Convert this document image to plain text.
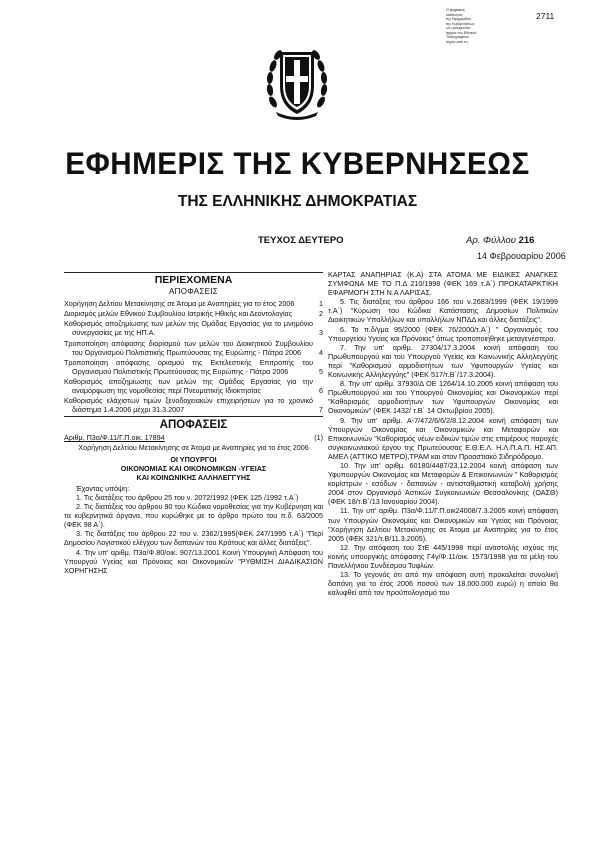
Ο ψηφιακός
κατάλογος
της Εφημερίδας
της Κυβερνήσεως
ως ηλεκτρονικό
αρχείο του Εθνικού
Τυπογραφείου
Ισχύει από τη
2711
ΕΦΗΜΕΡΙΣ ΤΗΣ ΚΥΒΕΡΝΗΣΕΩΣ
ΤΗΣ ΕΛΛΗΝΙΚΗΣ ΔΗΜΟΚΡΑΤΙΑΣ
ΤΕΥΧΟΣ ΔΕΥΤΕΡΟ	Αρ. Φύλλου 216
14 Φεβρουαρίου 2006
ΠΕΡΙΕΧΟΜΕΝΑ
ΑΠΟΦΑΣΕΙΣ
Χορήγηση Δελτίου Μετακίνησης σε Άτομα με Αναπηρίες για το έτος 2006	1
Διορισμός μελών Εθνικού Συμβουλίου Ιατρικής Ηθικής και Δεοντολογίας	2
Καθορισμός αποζημίωσης των μελών της Ομάδας Εργασίας για το μνημόνιο συνεργασίας με της ΗΠ.Α.	3
Τροποποίηση απόφασης διορισμού των μελών του Διοικητικού Συμβουλίου του Οργανισμού Πολιτιστικής Πρωτεύουσας της Ευρώπης - Πάτρα 2006	4
Τροποποίηση απόφασης ορισμού της Εκτελεστικής Επιτροπής του Οργανισμού Πολιτιστικής Πρωτεύουσας της Ευρώπης - Πάτρα 2006	5
Καθορισμός αποζημίωσης των μελών της Ομάδας Εργασίας για την αναμόρφωση της νομοθεσίας περί Πνευματικής Ιδιοκτησίας	6
Καθορισμός ελάχιστων τιμών ξενοδοχειακών επιχειρήσεων για το χρονικό διάστημα 1.4.2006 μέχρι 31.3.2007	7
ΑΠΟΦΑΣΕΙΣ
Αριθμ. Π3α/Φ.11/Γ.Π.οικ. 17894	(1)

Χορήγηση Δελτίου Μετακίνησης σε Άτομα με Αναπηρίες για το έτος 2006

ΟΙ ΥΠΟΥΡΓΟΙ

ΟΙΚΟΝΟΜΙΑΣ ΚΑΙ ΟΙΚΟΝΟΜΙΚΩΝ -ΥΓΕΙΑΣ

ΚΑΙ ΚΟΙΝΩΝΙΚΗΣ ΑΛΛΗΛΕΓΓΥΗΣ

Έχοντας υπόψη:

1. Τις διατάξεις του άρθρου 25 του ν. 2072/1992 (ΦΕΚ 125 /1992 τ.Α΄)

2. Τις διατάξεις του άρθρου 90 του Κώδικα νομοθεσίας για την Κυβέρνηση και τα κυβερνητικά όργανα, που κυρώθηκε με το άρθρο πρώτο του π.δ. 63/2005 (ΦΕΚ 98 Α΄).

3. Τις διατάξεις του άρθρου 22 του ν. 2362/1995(ΦΕΚ 247/1995 τ.Α΄) "Περί Δημοσίου Λογιστικού ελέγχου των δαπανών του Κράτους και άλλες διατάξεις".

4. Την υπ' αριθμ. Π3α/Φ.80/οικ. 907/13.2001 Κοινή Υπουργική Απόφαση του Υπουργού Υγείας και Πρόνοιας και Οικονομικών "ΡΥΘΜΙΣΗ ΔΙΑΔΙΚΑΣΙΩΝ ΧΟΡΗΓΗΣΗΣ

ΚΑΡΤΑΣ ΑΝΑΠΗΡΙΑΣ (Κ.Α) ΣΤΑ ΑΤΟΜΑ ΜΕ ΕΙΔΙΚΕΣ ΑΝΑΓΚΕΣ ΣΥΜΦΩΝΑ ΜΕ ΤΟ Π.Δ 210/1998 (ΦΕΚ 169 τ.Α΄) ΠΡΟΚΑΤΑΡΚΤΙΚΗ ΕΦΑΡΜΟΓΗ ΣΤΗ Ν.Α ΛΑΡΙΣΑΣ.

5. Τις διατάξεις του άρθρου 166 του ν.2683/1999 (ΦΕΚ 19/1999 τ.Α΄) "Κύρωση του Κώδικα Κατάστασης Δημοσίων Πολιτικών Διοικητικών Υπαλλήλων και υπαλλήλων ΝΠΔΔ και άλλες διατάξεις".

6. Το π.δ/γμα 95/2000 (ΦΕΚ 76/2000/τ.Α΄) " Οργανισμός του Υπουργείου Υγείας και Πρόνοιας" όπως τροποποιήθηκε μεταγενέστερα.

7. Την υπ' αριθμ. 27304/17.3.2004 κοινή απόφαση του Πρωθυπουργού και του Υπουργού Υγείας και Κοινωνικής Αλληλεγγύης περί "Καθορισμού αρμοδιοτήτων των Υφυπουργών Υγείας και Κοινωνικής Αλληλεγγύης" (ΦΕΚ 517/τ.Β΄/17.3.2004).

8. Την υπ' αριθμ. 37930/Δ ΟΕ 1264/14.10.2005 κοινή απόφαση του Πρωθυπουργού και του Υπουργού Οικονομίας και Οικονομικών περί "Καθορισμός αρμοδιοτήτων των Υφυπουργών Οικονομίας και Οικονομικών" (ΦΕΚ 1432/ τ.Β΄ 14 Οκτωβρίου 2005).

9. Την υπ' αριθμ. Α-7/472/6/6/2/8.12.2004 κοινή απόφαση των Υπουργών Οικονομίας και Οικονομικών και Μεταφορών και Επικοινωνιών "Καθορισμός νέων ειδικών τιμών στις επιμέρους παροχές συγκοινωνιακού έργου της Πρωτεύουσας Ε.Θ.Ε.Λ. Η.Λ.Π.Α.Π. ΗΣ.ΑΠ. ΑΜΕΛ (ΑΤΤΙΚΟ ΜΕΤΡΟ),ΤΡΑΜ και στον Προαστιακό Σιδηρόδρομο.

10. Την υπ' αριθμ. 60180/4487/23.12.2004 κοινή απόφαση των Υφυπουργών Οικονομίας και Μεταφορών & Επικοινωνιών " Καθορισμός κομίστρων - εσόδων - δαπανών - αντισταθμιστική καταβολή χρήσης 2004 στον Οργανισμό Αστικών Συγκοινωνιών Θεσσαλονίκης (ΟΑΣΘ) (ΦΕΚ 18/τ.Β΄/13 Ιανουαρίου 2004).

11. Την υπ' αριθμ. Π3α/Φ.11/Γ.Π.οικ24008/7.3.2005 κοινή απόφαση των Υπουργών Οικονομίας και Οικονομικών και Υγείας και Πρόνοιας "Χορήγηση Δελτίου Μετακίνησης σε Άτομα με Αναπηρίες για το έτος 2005 (ΦΕΚ 321/τ.Β/11.3.2005).

12. Την απόφαση του ΣτΕ 445/1998 περί αναστολής ισχύος της κοινής υπουργικής απόφασης Γ4γ/Φ.11/οικ. 1573/1998 για τα μέλη του Πανελλήνιου Συνδέσμου Τυφλών.

13. Το γεγονός ότι από την απόφαση αυτή προκαλείται συνολική δαπάνη για το έτος 2006 ποσού των 18.000.000 ευρώ) η οποία θα καλυφθεί από τον προϋπολογισμό του
